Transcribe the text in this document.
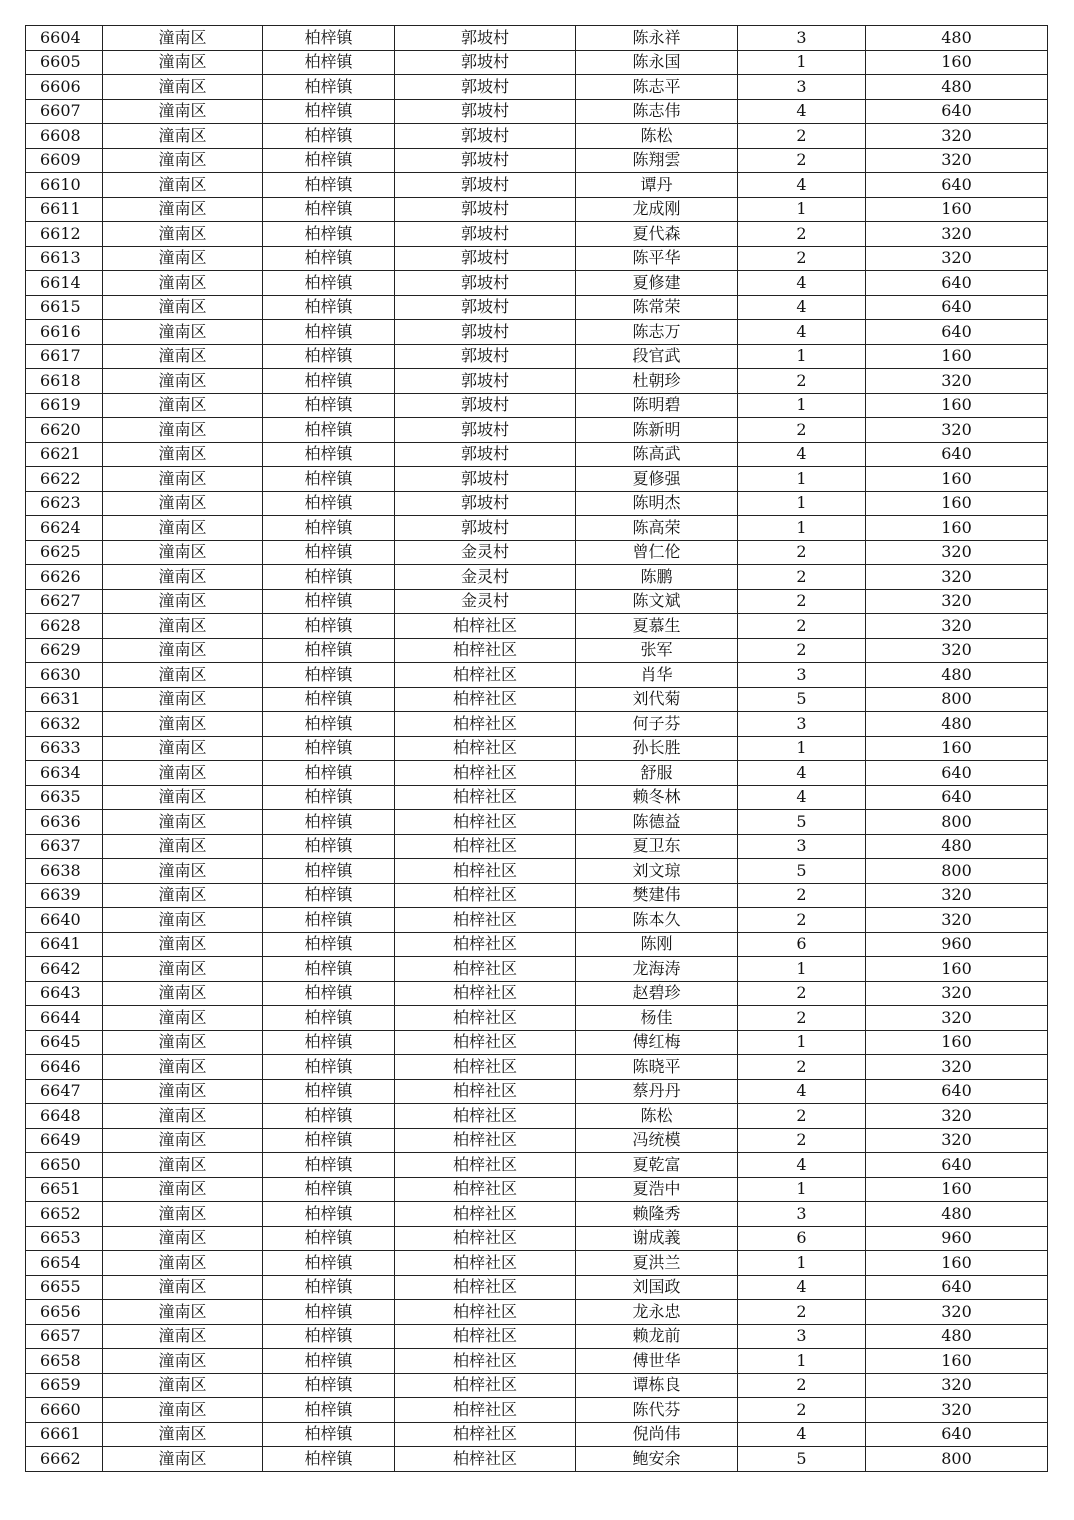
6604	潼南区	柏梓镇	郭坡村	陈永祥	3	480
6605	潼南区	柏梓镇	郭坡村	陈永国	1	160
6606	潼南区	柏梓镇	郭坡村	陈志平	3	480
6607	潼南区	柏梓镇	郭坡村	陈志伟	4	640
6608	潼南区	柏梓镇	郭坡村	陈松	2	320
6609	潼南区	柏梓镇	郭坡村	陈翔雲	2	320
6610	潼南区	柏梓镇	郭坡村	谭丹	4	640
6611	潼南区	柏梓镇	郭坡村	龙成刚	1	160
6612	潼南区	柏梓镇	郭坡村	夏代森	2	320
6613	潼南区	柏梓镇	郭坡村	陈平华	2	320
6614	潼南区	柏梓镇	郭坡村	夏修建	4	640
6615	潼南区	柏梓镇	郭坡村	陈常荣	4	640
6616	潼南区	柏梓镇	郭坡村	陈志万	4	640
6617	潼南区	柏梓镇	郭坡村	段官武	1	160
6618	潼南区	柏梓镇	郭坡村	杜朝珍	2	320
6619	潼南区	柏梓镇	郭坡村	陈明碧	1	160
6620	潼南区	柏梓镇	郭坡村	陈新明	2	320
6621	潼南区	柏梓镇	郭坡村	陈高武	4	640
6622	潼南区	柏梓镇	郭坡村	夏修强	1	160
6623	潼南区	柏梓镇	郭坡村	陈明杰	1	160
6624	潼南区	柏梓镇	郭坡村	陈高荣	1	160
6625	潼南区	柏梓镇	金灵村	曾仁伦	2	320
6626	潼南区	柏梓镇	金灵村	陈鹏	2	320
6627	潼南区	柏梓镇	金灵村	陈文斌	2	320
6628	潼南区	柏梓镇	柏梓社区	夏慕生	2	320
6629	潼南区	柏梓镇	柏梓社区	张军	2	320
6630	潼南区	柏梓镇	柏梓社区	肖华	3	480
6631	潼南区	柏梓镇	柏梓社区	刘代菊	5	800
6632	潼南区	柏梓镇	柏梓社区	何子芬	3	480
6633	潼南区	柏梓镇	柏梓社区	孙长胜	1	160
6634	潼南区	柏梓镇	柏梓社区	舒服	4	640
6635	潼南区	柏梓镇	柏梓社区	赖冬林	4	640
6636	潼南区	柏梓镇	柏梓社区	陈德益	5	800
6637	潼南区	柏梓镇	柏梓社区	夏卫东	3	480
6638	潼南区	柏梓镇	柏梓社区	刘文琼	5	800
6639	潼南区	柏梓镇	柏梓社区	樊建伟	2	320
6640	潼南区	柏梓镇	柏梓社区	陈本久	2	320
6641	潼南区	柏梓镇	柏梓社区	陈刚	6	960
6642	潼南区	柏梓镇	柏梓社区	龙海涛	1	160
6643	潼南区	柏梓镇	柏梓社区	赵碧珍	2	320
6644	潼南区	柏梓镇	柏梓社区	杨佳	2	320
6645	潼南区	柏梓镇	柏梓社区	傅红梅	1	160
6646	潼南区	柏梓镇	柏梓社区	陈晓平	2	320
6647	潼南区	柏梓镇	柏梓社区	蔡丹丹	4	640
6648	潼南区	柏梓镇	柏梓社区	陈松	2	320
6649	潼南区	柏梓镇	柏梓社区	冯统模	2	320
6650	潼南区	柏梓镇	柏梓社区	夏乾富	4	640
6651	潼南区	柏梓镇	柏梓社区	夏浩中	1	160
6652	潼南区	柏梓镇	柏梓社区	赖隆秀	3	480
6653	潼南区	柏梓镇	柏梓社区	谢成義	6	960
6654	潼南区	柏梓镇	柏梓社区	夏洪兰	1	160
6655	潼南区	柏梓镇	柏梓社区	刘国政	4	640
6656	潼南区	柏梓镇	柏梓社区	龙永忠	2	320
6657	潼南区	柏梓镇	柏梓社区	赖龙前	3	480
6658	潼南区	柏梓镇	柏梓社区	傅世华	1	160
6659	潼南区	柏梓镇	柏梓社区	谭栋良	2	320
6660	潼南区	柏梓镇	柏梓社区	陈代芬	2	320
6661	潼南区	柏梓镇	柏梓社区	倪尚伟	4	640
6662	潼南区	柏梓镇	柏梓社区	鲍安余	5	800
